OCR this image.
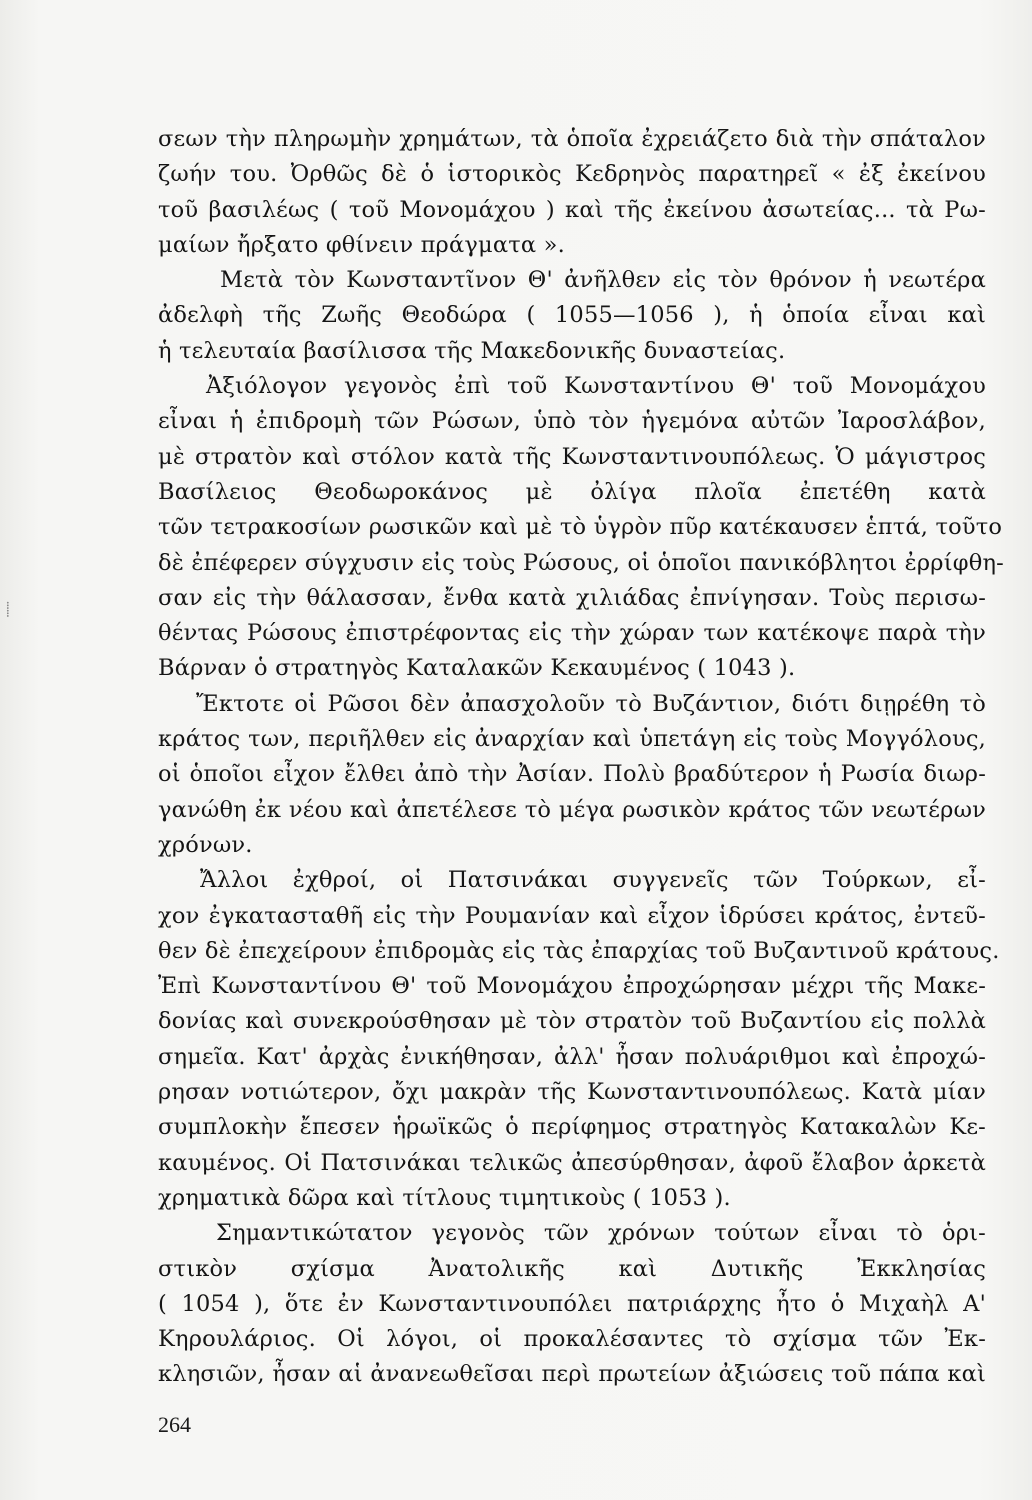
⸽
σεων τὴν πληρωμὴν χρημάτων, τὰ ὁποῖα ἐχρειάζετο διὰ τὴν σπάταλον
ζωήν του. Ὀρθῶς δὲ ὁ ἱστορικὸς Κεδρηνὸς παρατηρεῖ « ἐξ ἐκείνου
τοῦ βασιλέως ( τοῦ Μονομάχου ) καὶ τῆς ἐκείνου ἀσωτείας... τὰ Ρω-
μαίων ἤρξατο φθίνειν πράγματα ».
Μετὰ τὸν Κωνσταντῖνον Θ' ἀνῆλθεν εἰς τὸν θρόνον ἡ νεωτέρα
ἀδελφὴ τῆς Ζωῆς Θεοδώρα ( 1055—1056 ), ἡ ὁποία εἶναι καὶ
ἡ τελευταία βασίλισσα τῆς Μακεδονικῆς δυναστείας.
Ἀξιόλογον γεγονὸς ἐπὶ τοῦ Κωνσταντίνου Θ' τοῦ Μονομάχου
εἶναι ἡ ἐπιδρομὴ τῶν Ρώσων, ὑπὸ τὸν ἡγεμόνα αὐτῶν Ἰαροσλάβον,
μὲ στρατὸν καὶ στόλον κατὰ τῆς Κωνσταντινουπόλεως. Ὁ μάγιστρος
Βασίλειος Θεοδωροκάνος μὲ ὀλίγα πλοῖα ἐπετέθη κατὰ
τῶν τετρακοσίων ρωσικῶν καὶ μὲ τὸ ὑγρὸν πῦρ κατέκαυσεν ἑπτά, τοῦτο
δὲ ἐπέφερεν σύγχυσιν εἰς τοὺς Ρώσους, οἱ ὁποῖοι πανικόβλητοι ἐρρίφθη-
σαν εἰς τὴν θάλασσαν, ἔνθα κατὰ χιλιάδας ἐπνίγησαν. Τοὺς περισω-
θέντας Ρώσους ἐπιστρέφοντας εἰς τὴν χώραν των κατέκοψε παρὰ τὴν
Βάρναν ὁ στρατηγὸς Καταλακῶν Κεκαυμένος ( 1043 ).
Ἔκτοτε οἱ Ρῶσοι δὲν ἀπασχολοῦν τὸ Βυζάντιον, διότι διῃρέθη τὸ
κράτος των, περιῆλθεν εἰς ἀναρχίαν καὶ ὑπετάγη εἰς τοὺς Μογγόλους,
οἱ ὁποῖοι εἶχον ἔλθει ἀπὸ τὴν Ἀσίαν. Πολὺ βραδύτερον ἡ Ρωσία διωρ-
γανώθη ἐκ νέου καὶ ἀπετέλεσε τὸ μέγα ρωσικὸν κράτος τῶν νεωτέρων
χρόνων.
Ἄλλοι ἐχθροί, οἱ Πατσινάκαι συγγενεῖς τῶν Τούρκων, εἶ-
χον ἐγκατασταθῆ εἰς τὴν Ρουμανίαν καὶ εἶχον ἱδρύσει κράτος, ἐντεῦ-
θεν δὲ ἐπεχείρουν ἐπιδρομὰς εἰς τὰς ἐπαρχίας τοῦ Βυζαντινοῦ κράτους.
Ἐπὶ Κωνσταντίνου Θ' τοῦ Μονομάχου ἐπροχώρησαν μέχρι τῆς Μακε-
δονίας καὶ συνεκρούσθησαν μὲ τὸν στρατὸν τοῦ Βυζαντίου εἰς πολλὰ
σημεῖα. Κατ' ἀρχὰς ἐνικήθησαν, ἀλλ' ἦσαν πολυάριθμοι καὶ ἐπροχώ-
ρησαν νοτιώτερον, ὄχι μακρὰν τῆς Κωνσταντινουπόλεως. Κατὰ μίαν
συμπλοκὴν ἔπεσεν ἡρωϊκῶς ὁ περίφημος στρατηγὸς Κατακαλὼν Κε-
καυμένος. Οἱ Πατσινάκαι τελικῶς ἀπεσύρθησαν, ἀφοῦ ἔλαβον ἀρκετὰ
χρηματικὰ δῶρα καὶ τίτλους τιμητικοὺς ( 1053 ).
Σημαντικώτατον γεγονὸς τῶν χρόνων τούτων εἶναι τὸ ὁρι-
στικὸν σχίσμα Ἀνατολικῆς καὶ Δυτικῆς Ἐκκλησίας
( 1054 ), ὅτε ἐν Κωνσταντινουπόλει πατριάρχης ἦτο ὁ Μιχαὴλ Α'
Κηρουλάριος. Οἱ λόγοι, οἱ προκαλέσαντες τὸ σχίσμα τῶν Ἐκ-
κλησιῶν, ἦσαν αἱ ἀνανεωθεῖσαι περὶ πρωτείων ἀξιώσεις τοῦ πάπα καὶ
264
